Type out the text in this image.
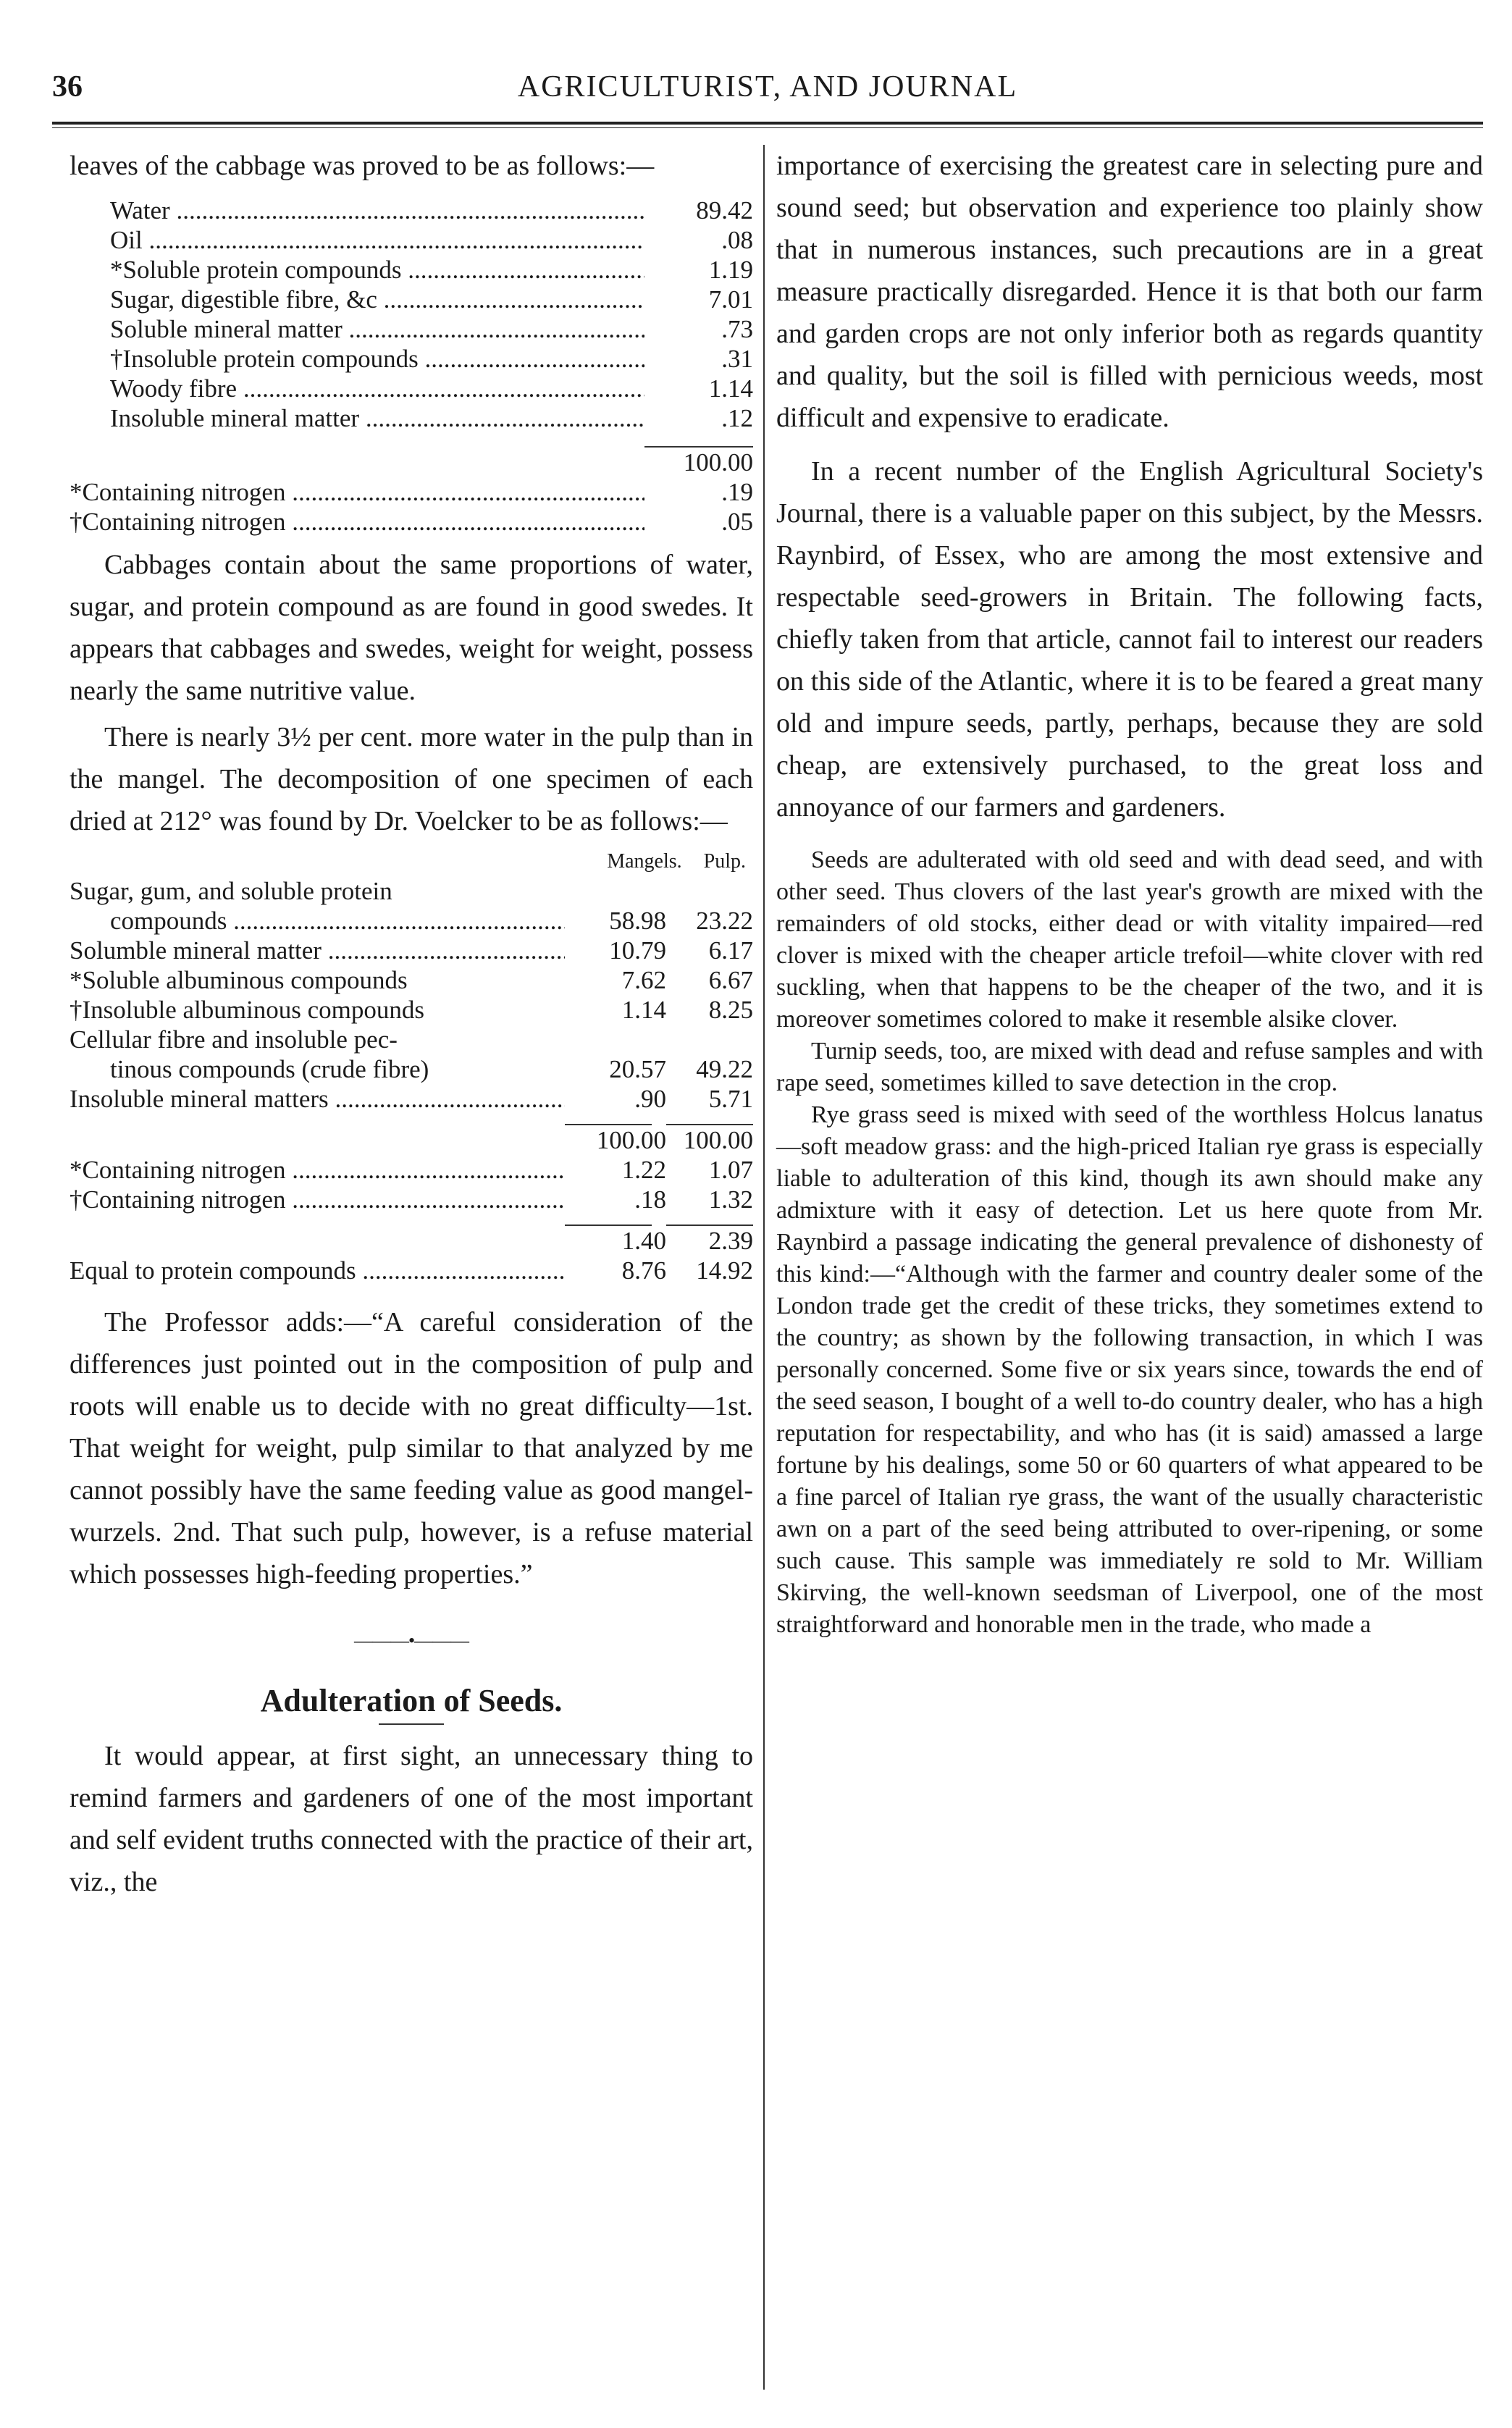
36	AGRICULTURIST, AND JOURNAL

leaves of the cabbage was proved to be as follows:—

Water .....	89.42
Oil .....	.08
*Soluble protein compounds .....	1.19
Sugar, digestible fibre, &c .....	7.01
Soluble mineral matter .....	.73
†Insoluble protein compounds .....	.31
Woody fibre .....	1.14
Insoluble mineral matter .....	.12
100.00
*Containing nitrogen .....	.19
†Containing nitrogen .....	.05

Cabbages contain about the same proportions of water, sugar, and protein compound as are found in good swedes. It appears that cabbages and swedes, weight for weight, possess nearly the same nutritive value.

There is nearly 3½ per cent. more water in the pulp than in the mangel. The decomposition of one specimen of each dried at 212° was found by Dr. Voelcker to be as follows:—

Mangels. Pulp.
Sugar, gum, and soluble protein
compounds .....	58.98	23.22
Solumble mineral matter .....	10.79	6.17
*Soluble albuminous compounds	7.62	6.67
†Insoluble albuminous compounds	1.14	8.25
Cellular fibre and insoluble pec-
tinous compounds (crude fibre)	20.57	49.22
Insoluble mineral matters .....	.90	5.71
100.00 100.00
*Containing nitrogen .....	1.22	1.07
†Containing nitrogen .....	.18	1.32
1.40	2.39
Equal to protein compounds .....	8.76	14.92

The Professor adds:—“A careful consideration of the differences just pointed out in the composition of pulp and roots will enable us to decide with no great difficulty—1st. That weight for weight, pulp similar to that analyzed by me cannot possibly have the same feeding value as good mangel-wurzels. 2nd. That such pulp, however, is a refuse material which possesses high-feeding properties.”

———•———

Adulteration of Seeds.

It would appear, at first sight, an unnecessary thing to remind farmers and gardeners of one of the most important and self evident truths connected with the practice of their art, viz., the

importance of exercising the greatest care in selecting pure and sound seed; but observation and experience too plainly show that in numerous instances, such precautions are in a great measure practically disregarded. Hence it is that both our farm and garden crops are not only inferior both as regards quantity and quality, but the soil is filled with pernicious weeds, most difficult and expensive to eradicate.

In a recent number of the English Agricultural Society's Journal, there is a valuable paper on this subject, by the Messrs. Raynbird, of Essex, who are among the most extensive and respectable seed-growers in Britain. The following facts, chiefly taken from that article, cannot fail to interest our readers on this side of the Atlantic, where it is to be feared a great many old and impure seeds, partly, perhaps, because they are sold cheap, are extensively purchased, to the great loss and annoyance of our farmers and gardeners.

Seeds are adulterated with old seed and with dead seed, and with other seed. Thus clovers of the last year's growth are mixed with the remainders of old stocks, either dead or with vitality impaired—red clover is mixed with the cheaper article trefoil—white clover with red suckling, when that happens to be the cheaper of the two, and it is moreover sometimes colored to make it resemble alsike clover.

Turnip seeds, too, are mixed with dead and refuse samples and with rape seed, sometimes killed to save detection in the crop.

Rye grass seed is mixed with seed of the worthless Holcus lanatus—soft meadow grass: and the high-priced Italian rye grass is especially liable to adulteration of this kind, though its awn should make any admixture with it easy of detection. Let us here quote from Mr. Raynbird a passage indicating the general prevalence of dishonesty of this kind:—“Although with the farmer and country dealer some of the London trade get the credit of these tricks, they sometimes extend to the country; as shown by the following transaction, in which I was personally concerned. Some five or six years since, towards the end of the seed season, I bought of a well to-do country dealer, who has a high reputation for respectability, and who has (it is said) amassed a large fortune by his dealings, some 50 or 60 quarters of what appeared to be a fine parcel of Italian rye grass, the want of the usually characteristic awn on a part of the seed being attributed to over-ripening, or some such cause. This sample was immediately re sold to Mr. William Skirving, the well-known seedsman of Liverpool, one of the most straightforward and honorable men in the trade, who made a
